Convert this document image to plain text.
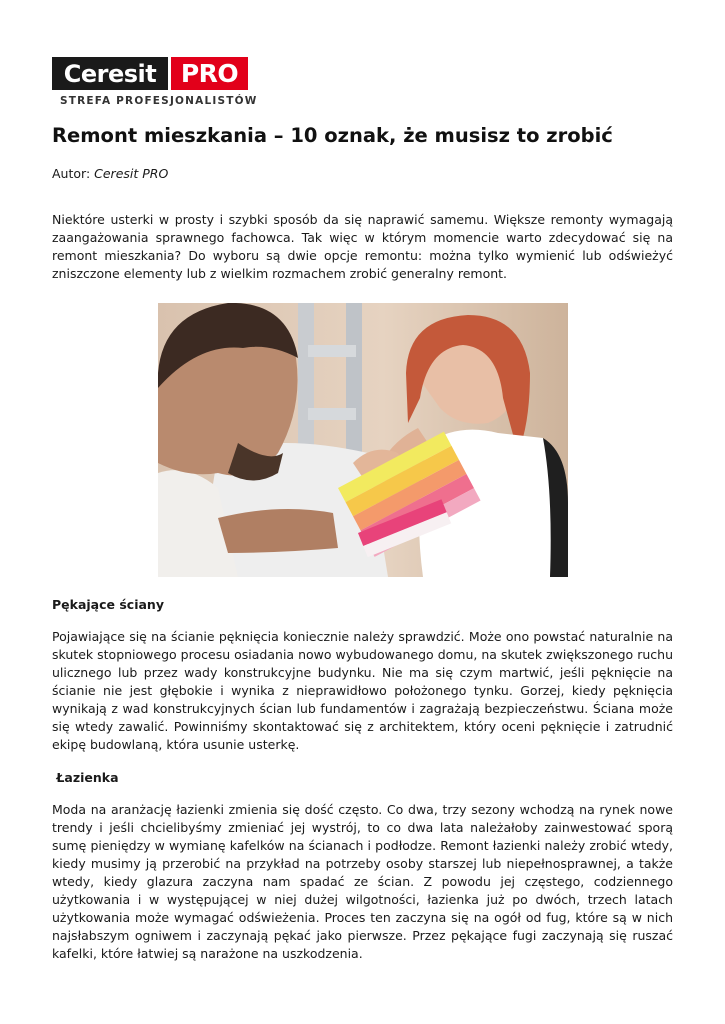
Ceresit PRO
STREFA PROFESJONALISTÓW
Remont mieszkania – 10 oznak, że musisz to zrobić
Autor: Ceresit PRO

Niektóre usterki w prosty i szybki sposób da się naprawić samemu. Większe remonty wymagają zaangażowania sprawnego fachowca. Tak więc w którym momencie warto zdecydować się na remont mieszkania? Do wyboru są dwie opcje remontu: można tylko wymienić lub odświeżyć zniszczone elementy lub z wielkim rozmachem zrobić generalny remont.

Pękające ściany

Pojawiające się na ścianie pęknięcia koniecznie należy sprawdzić. Może ono powstać naturalnie na skutek stopniowego procesu osiadania nowo wybudowanego domu, na skutek zwiększonego ruchu ulicznego lub przez wady konstrukcyjne budynku. Nie ma się czym martwić, jeśli pęknięcie na ścianie nie jest głębokie i wynika z nieprawidłowo położonego tynku. Gorzej, kiedy pęknięcia wynikają z wad konstrukcyjnych ścian lub fundamentów i zagrażają bezpieczeństwu. Ściana może się wtedy zawalić. Powinniśmy skontaktować się z architektem, który oceni pęknięcie i zatrudnić ekipę budowlaną, która usunie usterkę.

Łazienka

Moda na aranżację łazienki zmienia się dość często. Co dwa, trzy sezony wchodzą na rynek nowe trendy i jeśli chcielibyśmy zmieniać jej wystrój, to co dwa lata należałoby zainwestować sporą sumę pieniędzy w wymianę kafelków na ścianach i podłodze. Remont łazienki należy zrobić wtedy, kiedy musimy ją przerobić na przykład na potrzeby osoby starszej lub niepełnosprawnej, a także wtedy, kiedy glazura zaczyna nam spadać ze ścian. Z powodu jej częstego, codziennego użytkowania i w występującej w niej dużej wilgotności, łazienka już po dwóch, trzech latach użytkowania może wymagać odświeżenia. Proces ten zaczyna się na ogół od fug, które są w nich najsłabszym ogniwem i zaczynają pękać jako pierwsze. Przez pękające fugi zaczynają się ruszać kafelki, które łatwiej są narażone na uszkodzenia.
